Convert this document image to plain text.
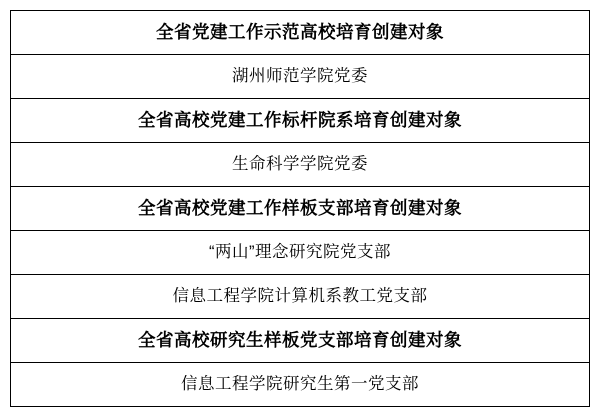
全省党建工作示范高校培育创建对象
湖州师范学院党委
全省高校党建工作标杆院系培育创建对象
生命科学学院党委
全省高校党建工作样板支部培育创建对象
“两山”理念研究院党支部
信息工程学院计算机系教工党支部
全省高校研究生样板党支部培育创建对象
信息工程学院研究生第一党支部
